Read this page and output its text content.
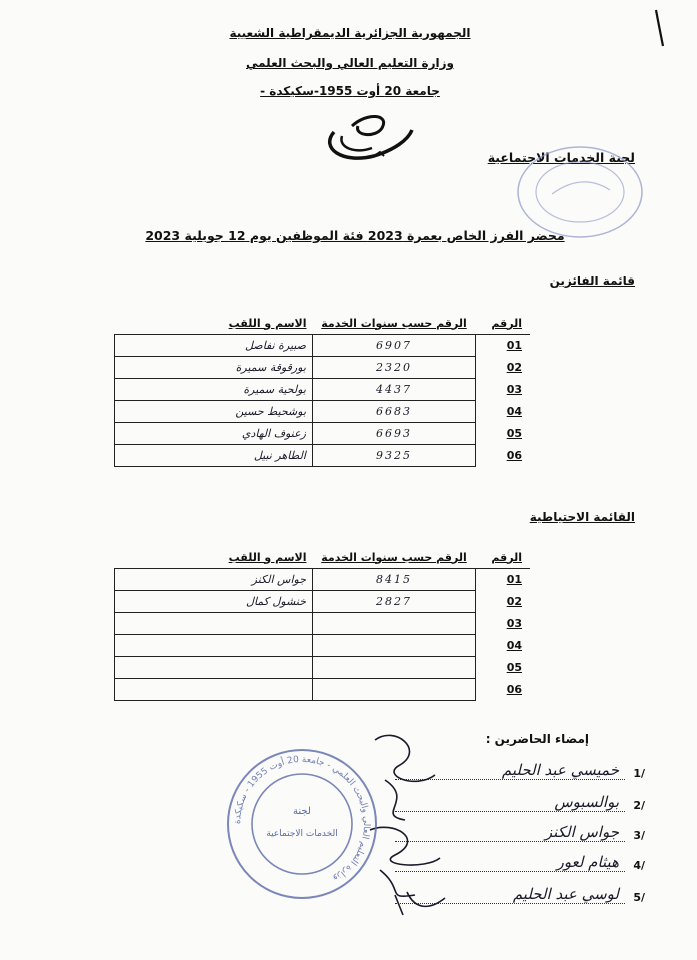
الجمهورية الجزائرية الديمقراطية الشعبية
وزارة التعليم العالي والبحث العلمي
جامعة 20 أوت 1955-سكيكدة -
لجنة الخدمات الاجتماعية
محضر الفرز الخاص بعمرة 2023 فئة الموظفين يوم 12 جويلية 2023
قائمة الفائزين
الرقم	الرقم حسب سنوات الخدمة	الاسم و اللقب
01	6907	صبيرة نفاصل
02	2320	بورقوقة سميرة
03	4437	بولحية سميرة
04	6683	بوشحيط حسين
05	6693	زعنوف الهادي
06	9325	الطاهر نبيل
القائمة الاحتياطية
الرقم	الرقم حسب سنوات الخدمة	الاسم و اللقب
01	8415	جواس الكنز
02	2827	خنشول كمال
03		
04		
05		
06		
إمضاء الحاضرين :
1/
خميسي عبد الحليم
2/
بوالسبوس
3/
جواس الكنز
4/
هيثام لعور
5/
لوسي عبد الحليم
وزارة التعليم العالي والبحث العلمي - جامعة 20 أوت 1955 - سكيكدة
لجنة
الخدمات الاجتماعية
